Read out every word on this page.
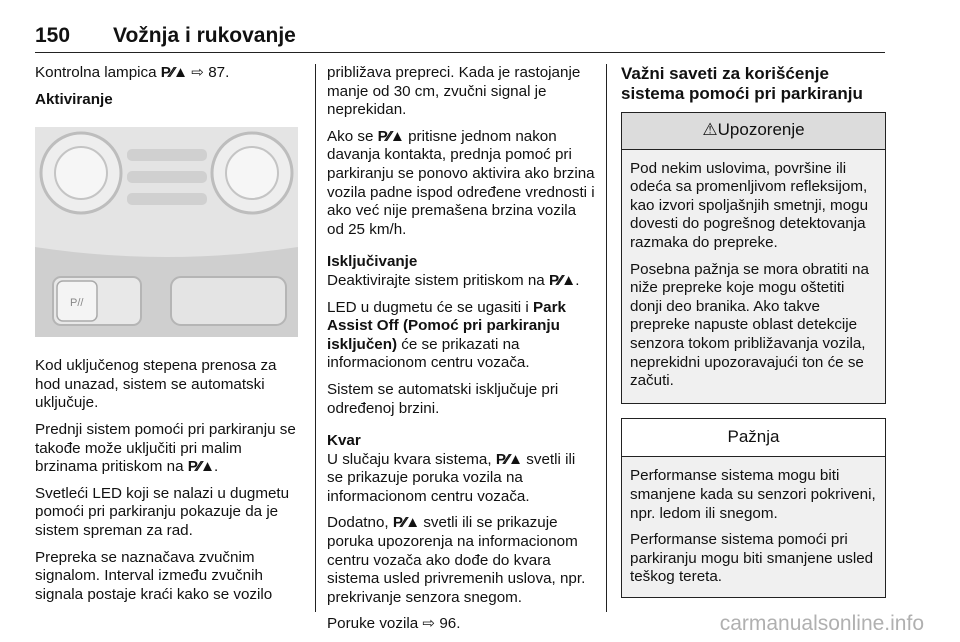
150 Vožnja i rukovanje

Kontrolna lampica P⁄⁄▲ ⇨ 87.

Aktiviranje

P//

Kod uključenog stepena prenosa za hod unazad, sistem se automatski uključuje.

Prednji sistem pomoći pri parkiranju se takođe može uključiti pri malim brzinama pritiskom na P⁄⁄▲.

Svetleći LED koji se nalazi u dugmetu pomoći pri parkiranju pokazuje da je sistem spreman za rad.

Prepreka se naznačava zvučnim signalom. Interval između zvučnih signala postaje kraći kako se vozilo

približava prepreci. Kada je rastojanje manje od 30 cm, zvučni signal je neprekidan.

Ako se P⁄⁄▲ pritisne jednom nakon davanja kontakta, prednja pomoć pri parkiranju se ponovo aktivira ako brzina vozila padne ispod određene vrednosti i ako već nije premašena brzina vozila od 25 km/h.

Isključivanje
Deaktivirajte sistem pritiskom na P⁄⁄▲.

LED u dugmetu će se ugasiti i Park Assist Off (Pomoć pri parkiranju isključen) će se prikazati na informacionom centru vozača.

Sistem se automatski isključuje pri određenoj brzini.

Kvar
U slučaju kvara sistema, P⁄⁄▲ svetli ili se prikazuje poruka vozila na informacionom centru vozača.

Dodatno, P⁄⁄▲ svetli ili se prikazuje poruka upozorenja na informacionom centru vozača ako dođe do kvara sistema usled privremenih uslova, npr. prekrivanje senzora snegom.

Poruke vozila ⇨ 96.

Važni saveti za korišćenje sistema pomoći pri parkiranju

⚠Upozorenje

Pod nekim uslovima, površine ili odeća sa promenljivom refleksijom, kao izvori spoljašnjih smetnji, mogu dovesti do pogrešnog detektovanja razmaka do prepreke.

Posebna pažnja se mora obratiti na niže prepreke koje mogu oštetiti donji deo branika. Ako takve prepreke napuste oblast detekcije senzora tokom približavanja vozila, neprekidni upozoravajući ton će se začuti.

Pažnja

Performanse sistema mogu biti smanjene kada su senzori pokriveni, npr. ledom ili snegom.

Performanse sistema pomoći pri parkiranju mogu biti smanjene usled teškog tereta.

carmanualsonline.info
